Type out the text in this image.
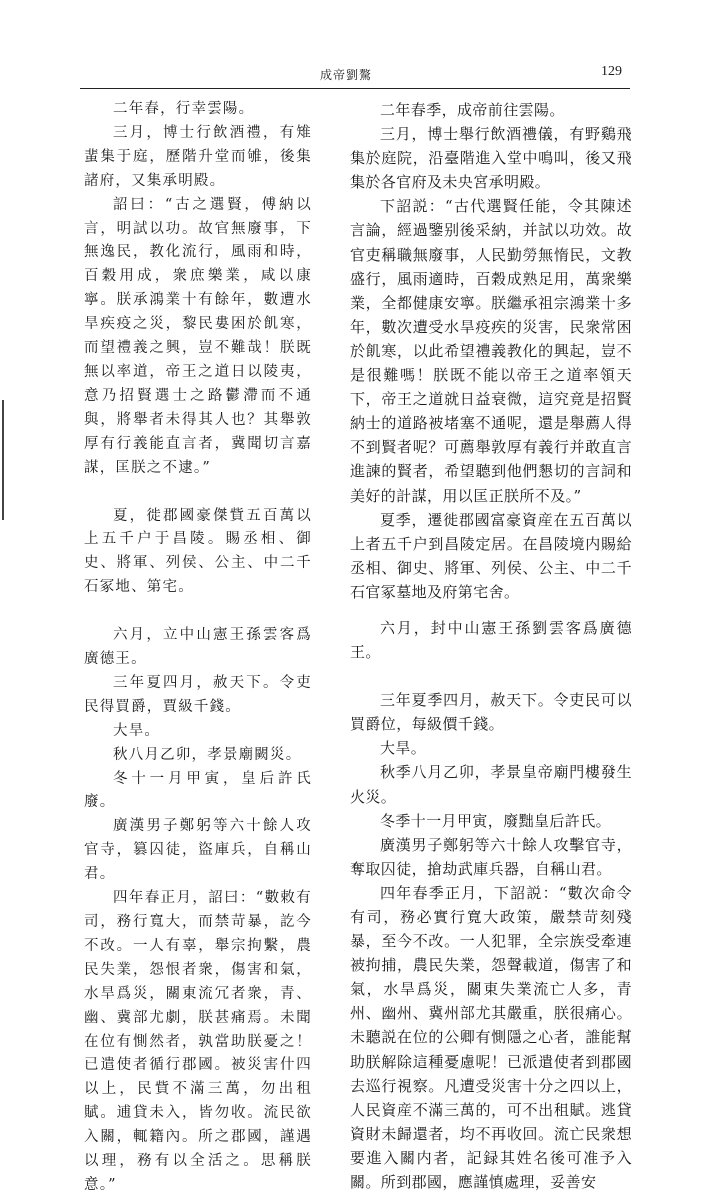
成帝劉驁	129

二年春，行幸雲陽。

三月，博士行飲酒禮，有雉蜚集于庭，歷階升堂而雊，後集諸府，又集承明殿。

詔曰：“古之選賢，傅納以言，明試以功。故官無廢事，下無逸民，教化流行，風雨和時，百穀用成，衆庶樂業，咸以康寧。朕承鴻業十有餘年，數遭水旱疾疫之災，黎民婁困於飢寒，而望禮義之興，豈不難哉！朕既無以率道，帝王之道日以陵夷，意乃招賢選士之路鬱滯而不通與，將舉者未得其人也？其舉敦厚有行義能直言者，冀聞切言嘉謀，匡朕之不逮。”

夏，徙郡國豪傑貲五百萬以上五千户于昌陵。賜丞相、御史、將軍、列侯、公主、中二千石冢地、第宅。

六月，立中山憲王孫雲客爲廣德王。

三年夏四月，赦天下。令吏民得買爵，賈級千錢。

大旱。

秋八月乙卯，孝景廟闕災。

冬十一月甲寅，皇后許氏廢。

廣漢男子鄭躬等六十餘人攻官寺，篡囚徒，盜庫兵，自稱山君。

四年春正月，詔曰：“數敕有司，務行寬大，而禁苛暴，訖今不改。一人有辜，舉宗拘繫，農民失業，怨恨者衆，傷害和氣，水旱爲災，關東流冗者衆，青、幽、冀部尤劇，朕甚痛焉。未聞在位有惻然者，孰當助朕憂之！已遣使者循行郡國。被災害什四以上，民貲不滿三萬，勿出租賦。逋貸未入，皆勿收。流民欲入關，輒籍內。所之郡國，謹遇以理，務有以全活之。思稱朕意。”

二年春季，成帝前往雲陽。

三月，博士舉行飲酒禮儀，有野鷄飛集於庭院，沿臺階進入堂中鳴叫，後又飛集於各官府及未央宮承明殿。

下詔説：“古代選賢任能，令其陳述言論，經過鑒别後采納，并試以功效。故官吏稱職無廢事，人民勤勞無惰民，文教盛行，風雨適時，百穀成熟足用，萬衆樂業，全都健康安寧。朕繼承祖宗鴻業十多年，數次遭受水旱疫疾的災害，民衆常困於飢寒，以此希望禮義教化的興起，豈不是很難嗎！朕既不能以帝王之道率領天下，帝王之道就日益衰微，這究竟是招賢納士的道路被堵塞不通呢，還是舉薦人得不到賢者呢？可薦舉敦厚有義行并敢直言進諫的賢者，希望聽到他們懇切的言詞和美好的計謀，用以匡正朕所不及。”

夏季，遷徙郡國富豪資産在五百萬以上者五千户到昌陵定居。在昌陵境内賜給丞相、御史、將軍、列侯、公主、中二千石官冢墓地及府第宅舍。

六月，封中山憲王孫劉雲客爲廣德王。

三年夏季四月，赦天下。令吏民可以買爵位，每級價千錢。

大旱。

秋季八月乙卯，孝景皇帝廟門樓發生火災。

冬季十一月甲寅，廢黜皇后許氏。

廣漢男子鄭躬等六十餘人攻擊官寺，奪取囚徒，搶劫武庫兵器，自稱山君。

四年春季正月，下詔説：“數次命令有司，務必實行寬大政策，嚴禁苛刻殘暴，至今不改。一人犯罪，全宗族受牽連被拘捕，農民失業，怨聲載道，傷害了和氣，水旱爲災，關東失業流亡人多，青州、幽州、冀州部尤其嚴重，朕很痛心。未聽説在位的公卿有惻隱之心者，誰能幫助朕解除這種憂慮呢！已派遣使者到郡國去巡行視察。凡遭受災害十分之四以上，人民資産不滿三萬的，可不出租賦。逃貸資財未歸還者，均不再收回。流亡民衆想要進入關内者，記録其姓名後可准予入關。所到郡國，應謹慎處理，妥善安
